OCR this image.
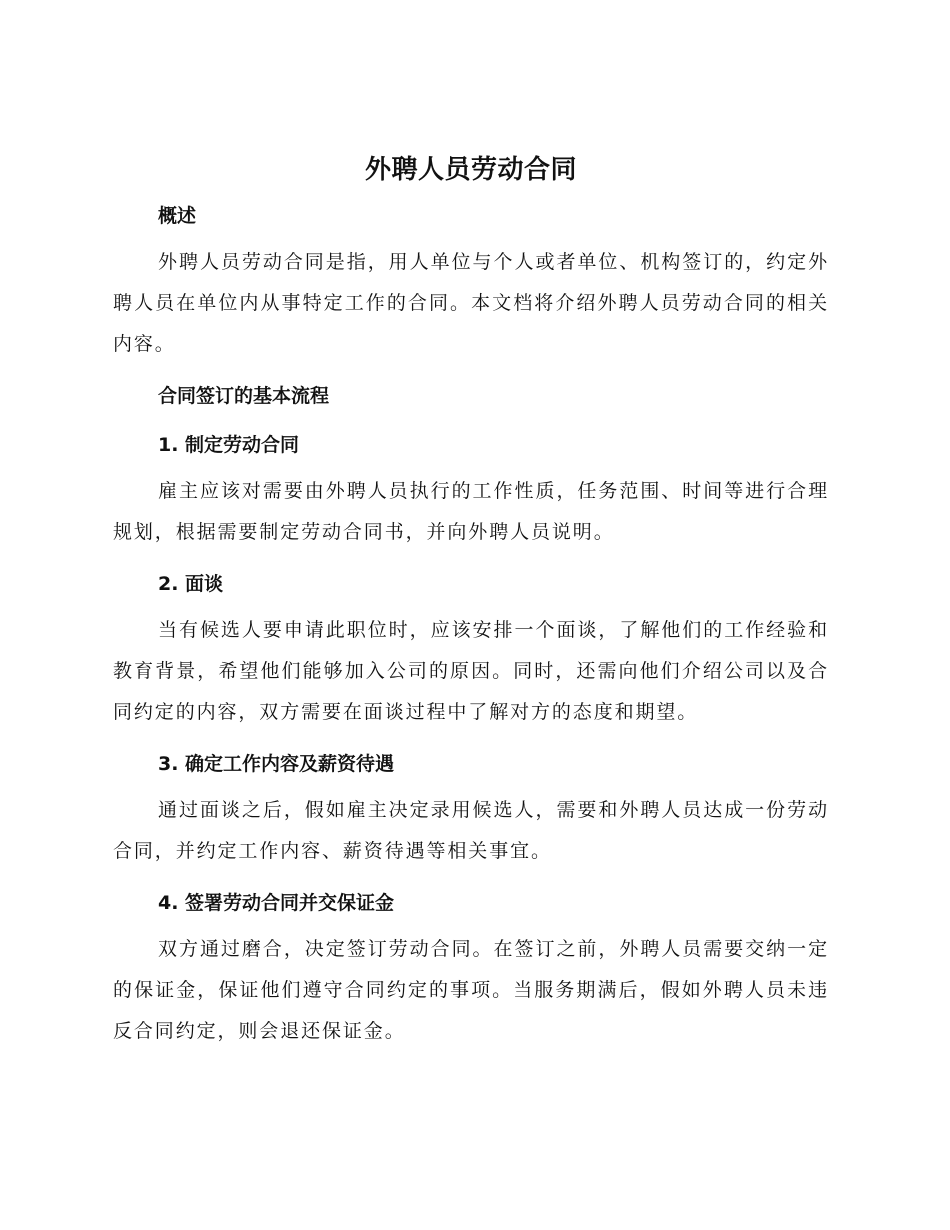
外聘人员劳动合同
概述

外聘人员劳动合同是指，用人单位与个人或者单位、机构签订的，约定外聘人员在单位内从事特定工作的合同。本文档将介绍外聘人员劳动合同的相关内容。

合同签订的基本流程
1. 制定劳动合同

雇主应该对需要由外聘人员执行的工作性质，任务范围、时间等进行合理规划，根据需要制定劳动合同书，并向外聘人员说明。

2. 面谈

当有候选人要申请此职位时，应该安排一个面谈，了解他们的工作经验和教育背景，希望他们能够加入公司的原因。同时，还需向他们介绍公司以及合同约定的内容，双方需要在面谈过程中了解对方的态度和期望。

3. 确定工作内容及薪资待遇

通过面谈之后，假如雇主决定录用候选人，需要和外聘人员达成一份劳动合同，并约定工作内容、薪资待遇等相关事宜。

4. 签署劳动合同并交保证金

双方通过磨合，决定签订劳动合同。在签订之前，外聘人员需要交纳一定的保证金，保证他们遵守合同约定的事项。当服务期满后，假如外聘人员未违反合同约定，则会退还保证金。
